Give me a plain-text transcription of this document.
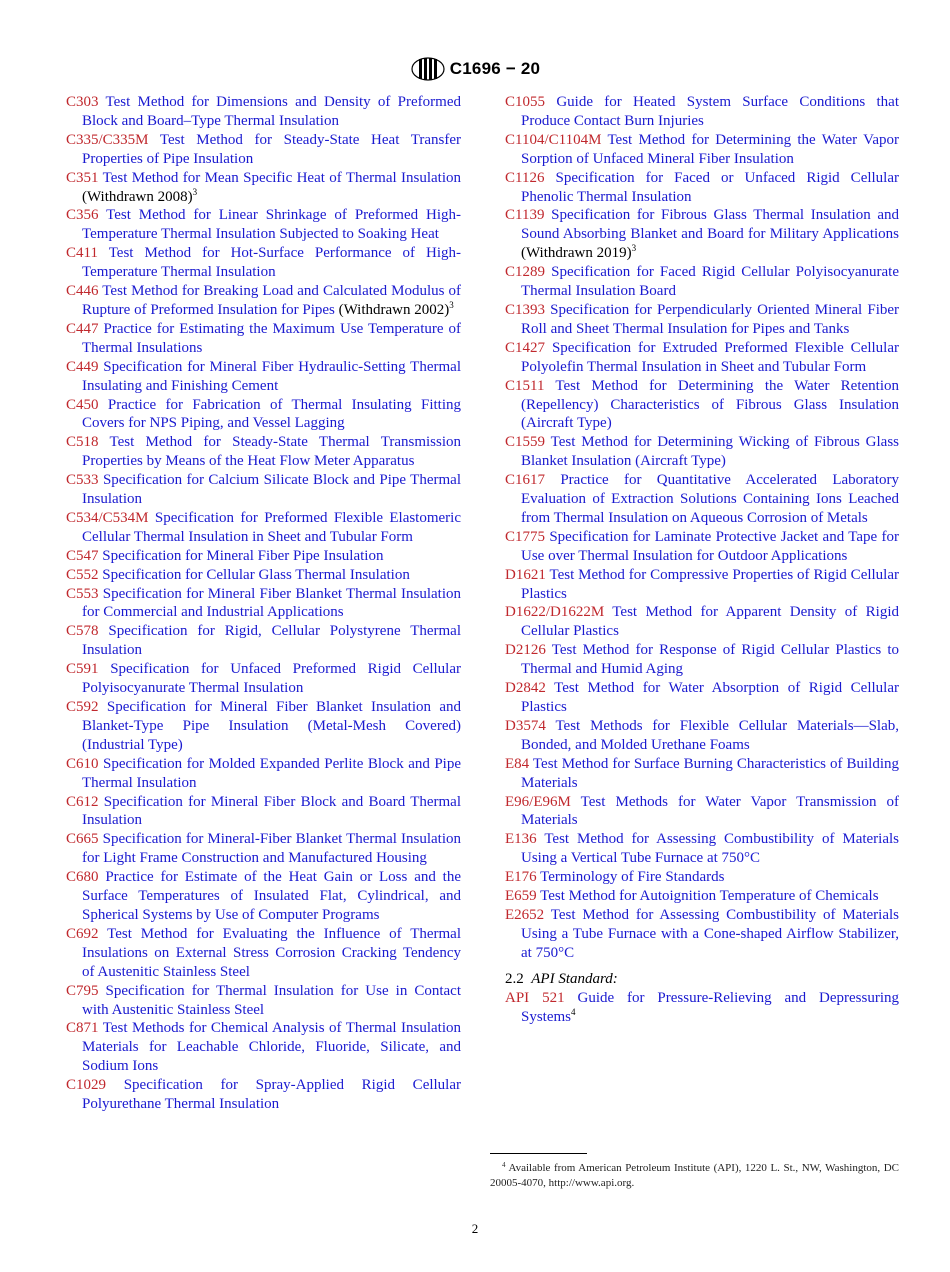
C1696 − 20

C303 Test Method for Dimensions and Density of Preformed Block and Board–Type Thermal Insulation

C335/C335M Test Method for Steady-State Heat Transfer Properties of Pipe Insulation

C351 Test Method for Mean Specific Heat of Thermal Insulation (Withdrawn 2008)$^3$

C356 Test Method for Linear Shrinkage of Preformed High-Temperature Thermal Insulation Subjected to Soaking Heat

C411 Test Method for Hot-Surface Performance of High-Temperature Thermal Insulation

C446 Test Method for Breaking Load and Calculated Modulus of Rupture of Preformed Insulation for Pipes (Withdrawn 2002)$^3$

C447 Practice for Estimating the Maximum Use Temperature of Thermal Insulations

C449 Specification for Mineral Fiber Hydraulic-Setting Thermal Insulating and Finishing Cement

C450 Practice for Fabrication of Thermal Insulating Fitting Covers for NPS Piping, and Vessel Lagging

C518 Test Method for Steady-State Thermal Transmission Properties by Means of the Heat Flow Meter Apparatus

C533 Specification for Calcium Silicate Block and Pipe Thermal Insulation

C534/C534M Specification for Preformed Flexible Elastomeric Cellular Thermal Insulation in Sheet and Tubular Form

C547 Specification for Mineral Fiber Pipe Insulation

C552 Specification for Cellular Glass Thermal Insulation

C553 Specification for Mineral Fiber Blanket Thermal Insulation for Commercial and Industrial Applications

C578 Specification for Rigid, Cellular Polystyrene Thermal Insulation

C591 Specification for Unfaced Preformed Rigid Cellular Polyisocyanurate Thermal Insulation

C592 Specification for Mineral Fiber Blanket Insulation and Blanket-Type Pipe Insulation (Metal-Mesh Covered) (Industrial Type)

C610 Specification for Molded Expanded Perlite Block and Pipe Thermal Insulation

C612 Specification for Mineral Fiber Block and Board Thermal Insulation

C665 Specification for Mineral-Fiber Blanket Thermal Insulation for Light Frame Construction and Manufactured Housing

C680 Practice for Estimate of the Heat Gain or Loss and the Surface Temperatures of Insulated Flat, Cylindrical, and Spherical Systems by Use of Computer Programs

C692 Test Method for Evaluating the Influence of Thermal Insulations on External Stress Corrosion Cracking Tendency of Austenitic Stainless Steel

C795 Specification for Thermal Insulation for Use in Contact with Austenitic Stainless Steel

C871 Test Methods for Chemical Analysis of Thermal Insulation Materials for Leachable Chloride, Fluoride, Silicate, and Sodium Ions

C1029 Specification for Spray-Applied Rigid Cellular Polyurethane Thermal Insulation

C1055 Guide for Heated System Surface Conditions that Produce Contact Burn Injuries

C1104/C1104M Test Method for Determining the Water Vapor Sorption of Unfaced Mineral Fiber Insulation

C1126 Specification for Faced or Unfaced Rigid Cellular Phenolic Thermal Insulation

C1139 Specification for Fibrous Glass Thermal Insulation and Sound Absorbing Blanket and Board for Military Applications (Withdrawn 2019)$^3$

C1289 Specification for Faced Rigid Cellular Polyisocyanurate Thermal Insulation Board

C1393 Specification for Perpendicularly Oriented Mineral Fiber Roll and Sheet Thermal Insulation for Pipes and Tanks

C1427 Specification for Extruded Preformed Flexible Cellular Polyolefin Thermal Insulation in Sheet and Tubular Form

C1511 Test Method for Determining the Water Retention (Repellency) Characteristics of Fibrous Glass Insulation (Aircraft Type)

C1559 Test Method for Determining Wicking of Fibrous Glass Blanket Insulation (Aircraft Type)

C1617 Practice for Quantitative Accelerated Laboratory Evaluation of Extraction Solutions Containing Ions Leached from Thermal Insulation on Aqueous Corrosion of Metals

C1775 Specification for Laminate Protective Jacket and Tape for Use over Thermal Insulation for Outdoor Applications

D1621 Test Method for Compressive Properties of Rigid Cellular Plastics

D1622/D1622M Test Method for Apparent Density of Rigid Cellular Plastics

D2126 Test Method for Response of Rigid Cellular Plastics to Thermal and Humid Aging

D2842 Test Method for Water Absorption of Rigid Cellular Plastics

D3574 Test Methods for Flexible Cellular Materials—Slab, Bonded, and Molded Urethane Foams

E84 Test Method for Surface Burning Characteristics of Building Materials

E96/E96M Test Methods for Water Vapor Transmission of Materials

E136 Test Method for Assessing Combustibility of Materials Using a Vertical Tube Furnace at 750°C

E176 Terminology of Fire Standards

E659 Test Method for Autoignition Temperature of Chemicals

E2652 Test Method for Assessing Combustibility of Materials Using a Tube Furnace with a Cone-shaped Airflow Stabilizer, at 750°C

2.2 API Standard:

API 521 Guide for Pressure-Relieving and Depressuring Systems$^4$

$^4$ Available from American Petroleum Institute (API), 1220 L. St., NW, Washington, DC 20005-4070, http://www.api.org.
2
